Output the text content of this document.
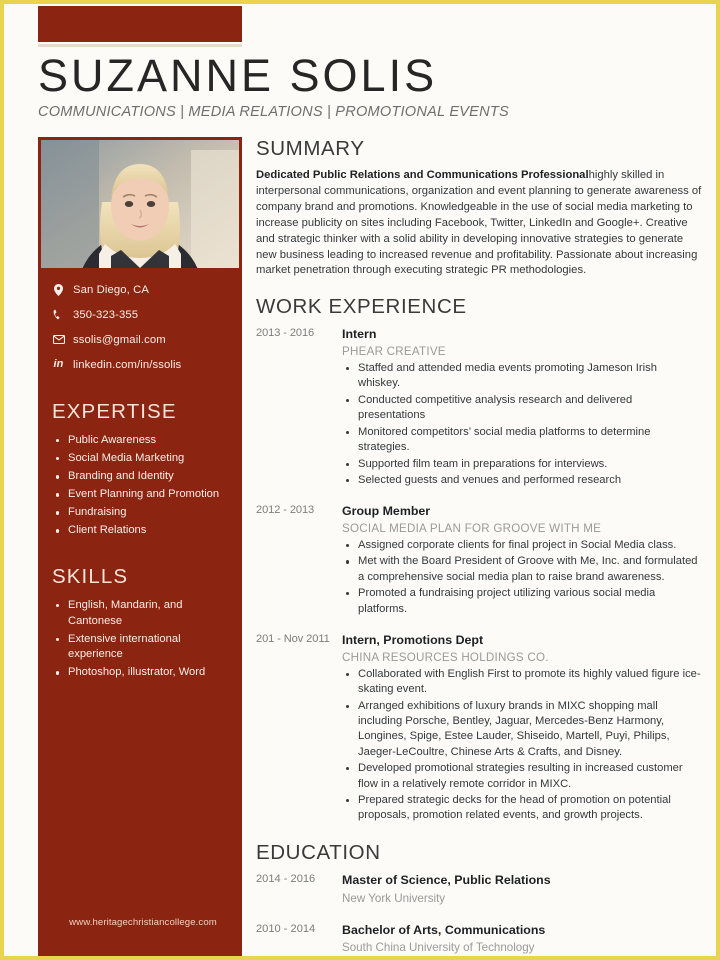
SUZANNE SOLIS
COMMUNICATIONS | MEDIA RELATIONS | PROMOTIONAL EVENTS
San Diego, CA
350-323-355
ssolis@gmail.com
in linkedin.com/in/ssolis
EXPERTISE
Public Awareness
Social Media Marketing
Branding and Identity
Event Planning and Promotion
Fundraising
Client Relations
SKILLS
English, Mandarin, and Cantonese
Extensive international experience
Photoshop, illustrator, Word
www.heritagechristiancollege.com
SUMMARY

Dedicated Public Relations and Communications Professionalhighly skilled in interpersonal communications, organization and event planning to generate awareness of company brand and promotions. Knowledgeable in the use of social media marketing to increase publicity on sites including Facebook, Twitter, LinkedIn and Google+. Creative and strategic thinker with a solid ability in developing innovative strategies to generate new business leading to increased revenue and profitability. Passionate about increasing market penetration through executing strategic PR methodologies.

WORK EXPERIENCE
2013 - 2016	Intern
PHEAR CREATIVE
Staffed and attended media events promoting Jameson Irish whiskey.
Conducted competitive analysis research and delivered presentations
Monitored competitors’ social media platforms to determine strategies.
Supported film team in preparations for interviews.
Selected guests and venues and performed research
2012 - 2013	Group Member
SOCIAL MEDIA PLAN FOR GROOVE WITH ME
Assigned corporate clients for final project in Social Media class.
Met with the Board President of Groove with Me, Inc. and formulated a comprehensive social media plan to raise brand awareness.
Promoted a fundraising project utilizing various social media platforms.
201 - Nov 2011 Intern, Promotions Dept
CHINA RESOURCES HOLDINGS CO.
Collaborated with English First to promote its highly valued figure ice-skating event.
Arranged exhibitions of luxury brands in MIXC shopping mall including Porsche, Bentley, Jaguar, Mercedes-Benz Harmony, Longines, Spige, Estee Lauder, Shiseido, Martell, Puyi, Philips, Jaeger-LeCoultre, Chinese Arts & Crafts, and Disney.
Developed promotional strategies resulting in increased customer flow in a relatively remote corridor in MIXC.
Prepared strategic decks for the head of promotion on potential proposals, promotion related events, and growth projects.
EDUCATION
2014 - 2016	Master of Science, Public Relations
New York University
2010 - 2014	Bachelor of Arts, Communications
South China University of Technology
